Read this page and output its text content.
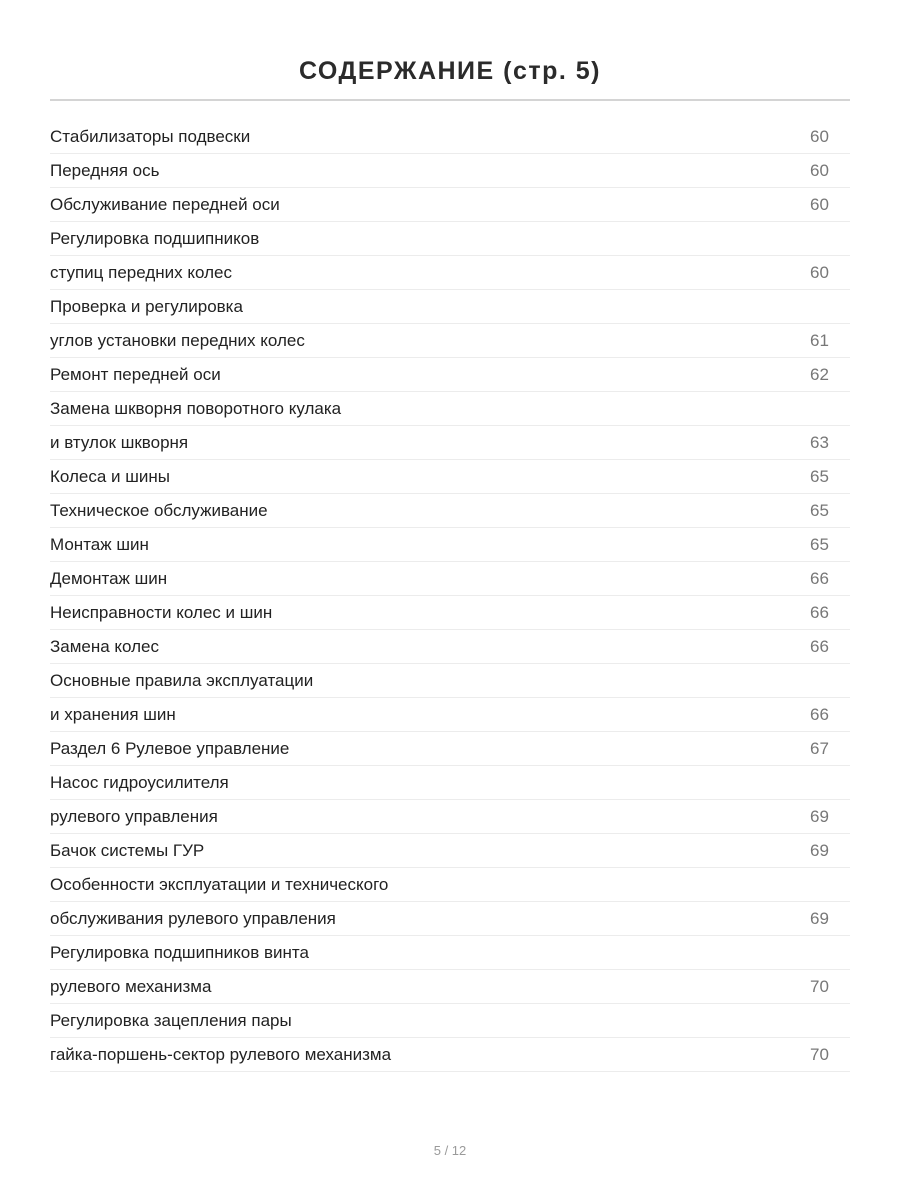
СОДЕРЖАНИЕ (стр. 5)
Стабилизаторы подвески	60
Передняя ось	60
Обслуживание передней оси	60
Регулировка подшипников
ступиц передних колес	60
Проверка и регулировка
углов установки передних колес	61
Ремонт передней оси	62
Замена шкворня поворотного кулака
и втулок шкворня	63
Колеса и шины	65
Техническое обслуживание	65
Монтаж шин	65
Демонтаж шин	66
Неисправности колес и шин	66
Замена колес	66
Основные правила эксплуатации
и хранения шин	66
Раздел 6 Рулевое управление	67
Насос гидроусилителя
рулевого управления	69
Бачок системы ГУР	69
Особенности эксплуатации и технического
обслуживания рулевого управления	69
Регулировка подшипников винта
рулевого механизма	70
Регулировка зацепления пары
гайка-поршень-сектор рулевого механизма	70
5 / 12
